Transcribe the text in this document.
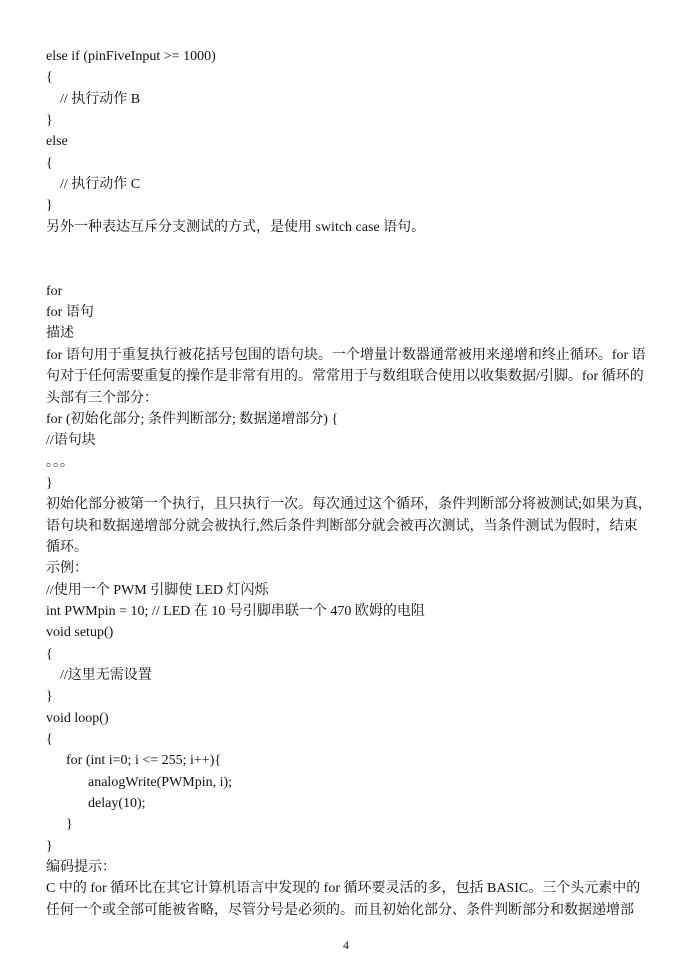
else if (pinFiveInput >= 1000)
{
// 执行动作 B
}
else
{
// 执行动作 C
}
另外一种表达互斥分支测试的方式，是使用 switch case 语句。
for
for 语句
描述
for 语句用于重复执行被花括号包围的语句块。一个增量计数器通常被用来递增和终止循环。for 语
句对于任何需要重复的操作是非常有用的。常常用于与数组联合使用以收集数据/引脚。for 循环的
头部有三个部分：
for (初始化部分; 条件判断部分; 数据递增部分) {
//语句块
。。。
}
初始化部分被第一个执行，且只执行一次。每次通过这个循环，条件判断部分将被测试;如果为真，
语句块和数据递增部分就会被执行,然后条件判断部分就会被再次测试，当条件测试为假时，结束
循环。
示例：
//使用一个 PWM 引脚使 LED 灯闪烁
int PWMpin = 10; // LED 在 10 号引脚串联一个 470 欧姆的电阻
void setup()
{
//这里无需设置
}
void loop()
{
for (int i=0; i <= 255; i++){
analogWrite(PWMpin, i);
delay(10);
}
}
编码提示：
C 中的 for 循环比在其它计算机语言中发现的 for 循环要灵活的多，包括 BASIC。三个头元素中的
任何一个或全部可能被省略，尽管分号是必须的。而且初始化部分、条件判断部分和数据递增部
4
